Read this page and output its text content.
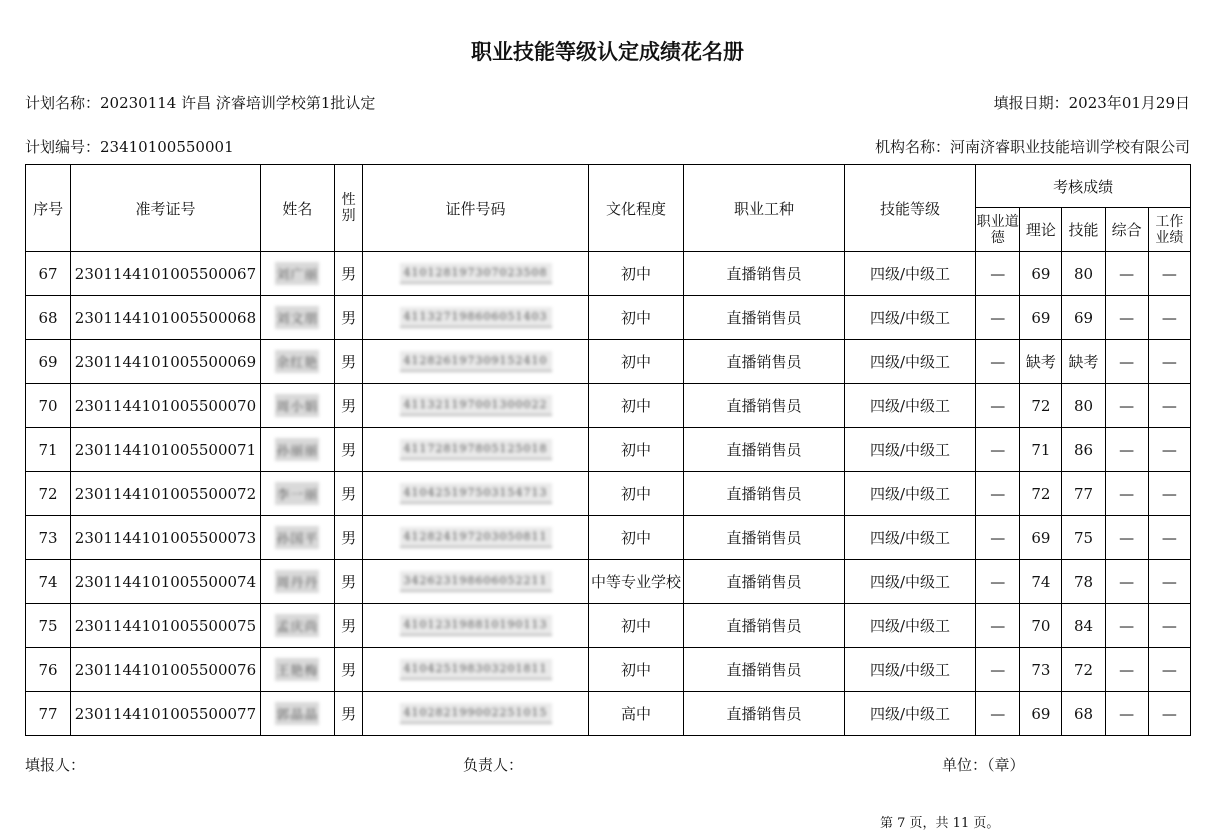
职业技能等级认定成绩花名册
计划名称：20230114 许昌 济睿培训学校第1批认定	填报日期：2023年01月29日
计划编号：23410100550001	机构名称：河南济睿职业技能培训学校有限公司
序号	准考证号	姓名	性别	证件号码	文化程度	职业工种	技能等级	考核成绩				
								职业道德	理论	技能	综合	工作业绩
67	2301144101005500067	刘广丽	男	410128197307023508	初中	直播销售员	四级/中级工	—	69	80	—	—
68	2301144101005500068	刘文朋	男	411327198606051403	初中	直播销售员	四级/中级工	—	69	69	—	—
69	2301144101005500069	余红艳	男	412826197309152410	初中	直播销售员	四级/中级工	—	缺考	缺考	—	—
70	2301144101005500070	周小娟	男	411321197001300022	初中	直播销售员	四级/中级工	—	72	80	—	—
71	2301144101005500071	孙丽丽	男	411728197805125018	初中	直播销售员	四级/中级工	—	71	86	—	—
72	2301144101005500072	李一丽	男	410425197503154713	初中	直播销售员	四级/中级工	—	72	77	—	—
73	2301144101005500073	孙国平	男	412824197203050811	初中	直播销售员	四级/中级工	—	69	75	—	—
74	2301144101005500074	周丹丹	男	342623198606052211	中等专业学校	直播销售员	四级/中级工	—	74	78	—	—
75	2301144101005500075	孟庆尚	男	410123198810190113	初中	直播销售员	四级/中级工	—	70	84	—	—
76	2301144101005500076	王艳梅	男	410425198303201811	初中	直播销售员	四级/中级工	—	73	72	—	—
77	2301144101005500077	郭晶晶	男	410282199002251015	高中	直播销售员	四级/中级工	—	69	68	—	—
填报人：	负责人：	单位：（章）
第 7 页，共 11 页。
